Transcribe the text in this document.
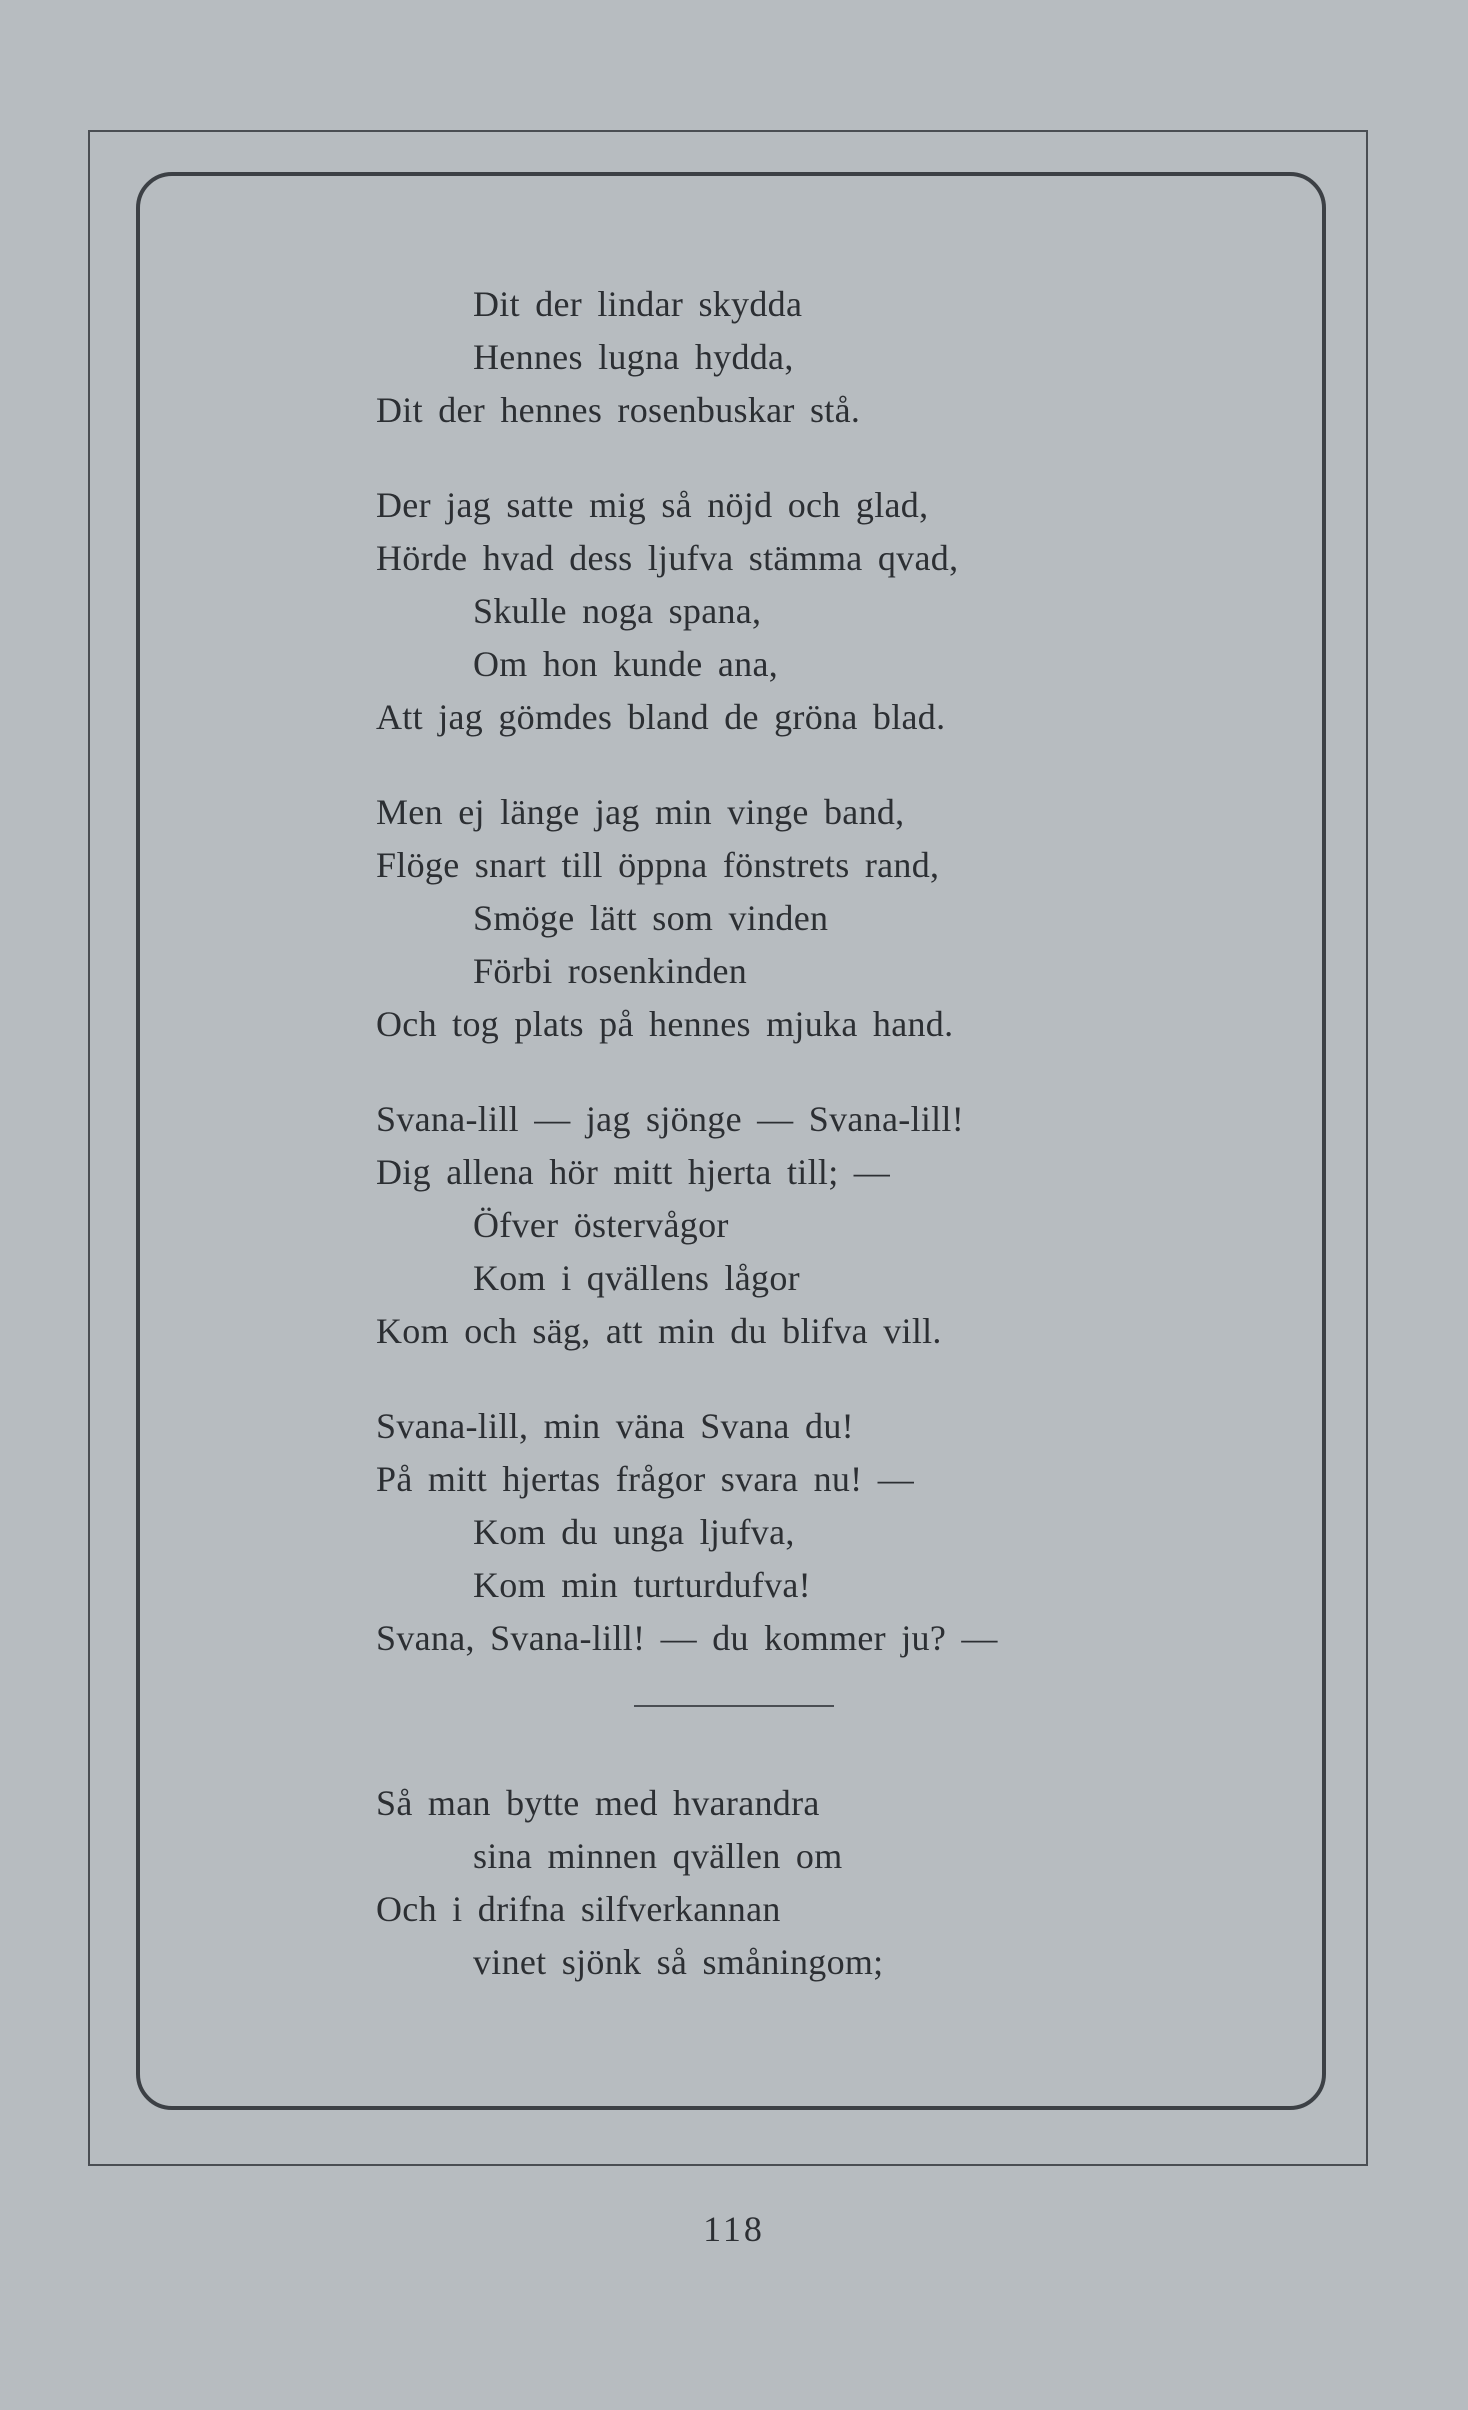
Dit der lindar skydda
Hennes lugna hydda,
Dit der hennes rosenbuskar stå.
Der jag satte mig så nöjd och glad,
Hörde hvad dess ljufva stämma qvad,
Skulle noga spana,
Om hon kunde ana,
Att jag gömdes bland de gröna blad.
Men ej länge jag min vinge band,
Flöge snart till öppna fönstrets rand,
Smöge lätt som vinden
Förbi rosenkinden
Och tog plats på hennes mjuka hand.
Svana-lill — jag sjönge — Svana-lill!
Dig allena hör mitt hjerta till; —
Öfver östervågor
Kom i qvällens lågor
Kom och säg, att min du blifva vill.
Svana-lill, min väna Svana du!
På mitt hjertas frågor svara nu! —
Kom du unga ljufva,
Kom min turturdufva!
Svana, Svana-lill! — du kommer ju? —
Så man bytte med hvarandra
sina minnen qvällen om
Och i drifna silfverkannan
vinet sjönk så småningom;
118
